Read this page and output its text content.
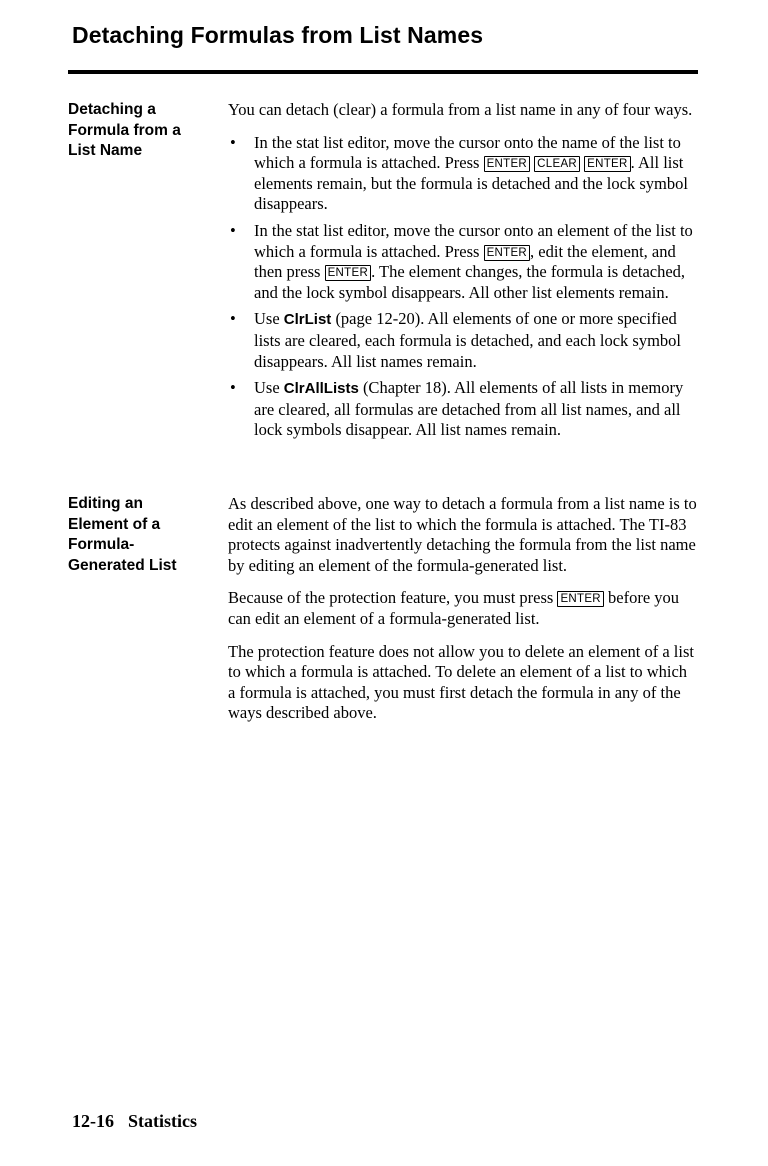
Detaching Formulas from List Names
Detaching a
Formula from a
List Name

You can detach (clear) a formula from a list name in any of four ways.

• In the stat list editor, move the cursor onto the name of the list to which a formula is attached. Press ENTER CLEAR ENTER . All list elements remain, but the formula is detached and the lock symbol disappears.
• In the stat list editor, move the cursor onto an element of the list to which a formula is attached. Press ENTER , edit the element, and then press ENTER . The element changes, the formula is detached, and the lock symbol disappears. All other list elements remain.
• Use ClrList (page 12-20). All elements of one or more specified lists are cleared, each formula is detached, and each lock symbol disappears. All list names remain.
• Use ClrAllLists (Chapter 18). All elements of all lists in memory are cleared, all formulas are detached from all list names, and all lock symbols disappear. All list names remain.
Editing an
Element of a
Formula-
Generated List

As described above, one way to detach a formula from a list name is to edit an element of the list to which the formula is attached. The TI-83 protects against inadvertently detaching the formula from the list name by editing an element of the formula-generated list.

Because of the protection feature, you must press ENTER before you can edit an element of a formula-generated list.

The protection feature does not allow you to delete an element of a list to which a formula is attached. To delete an element of a list to which a formula is attached, you must first detach the formula in any of the ways described above.

12-16 Statistics
